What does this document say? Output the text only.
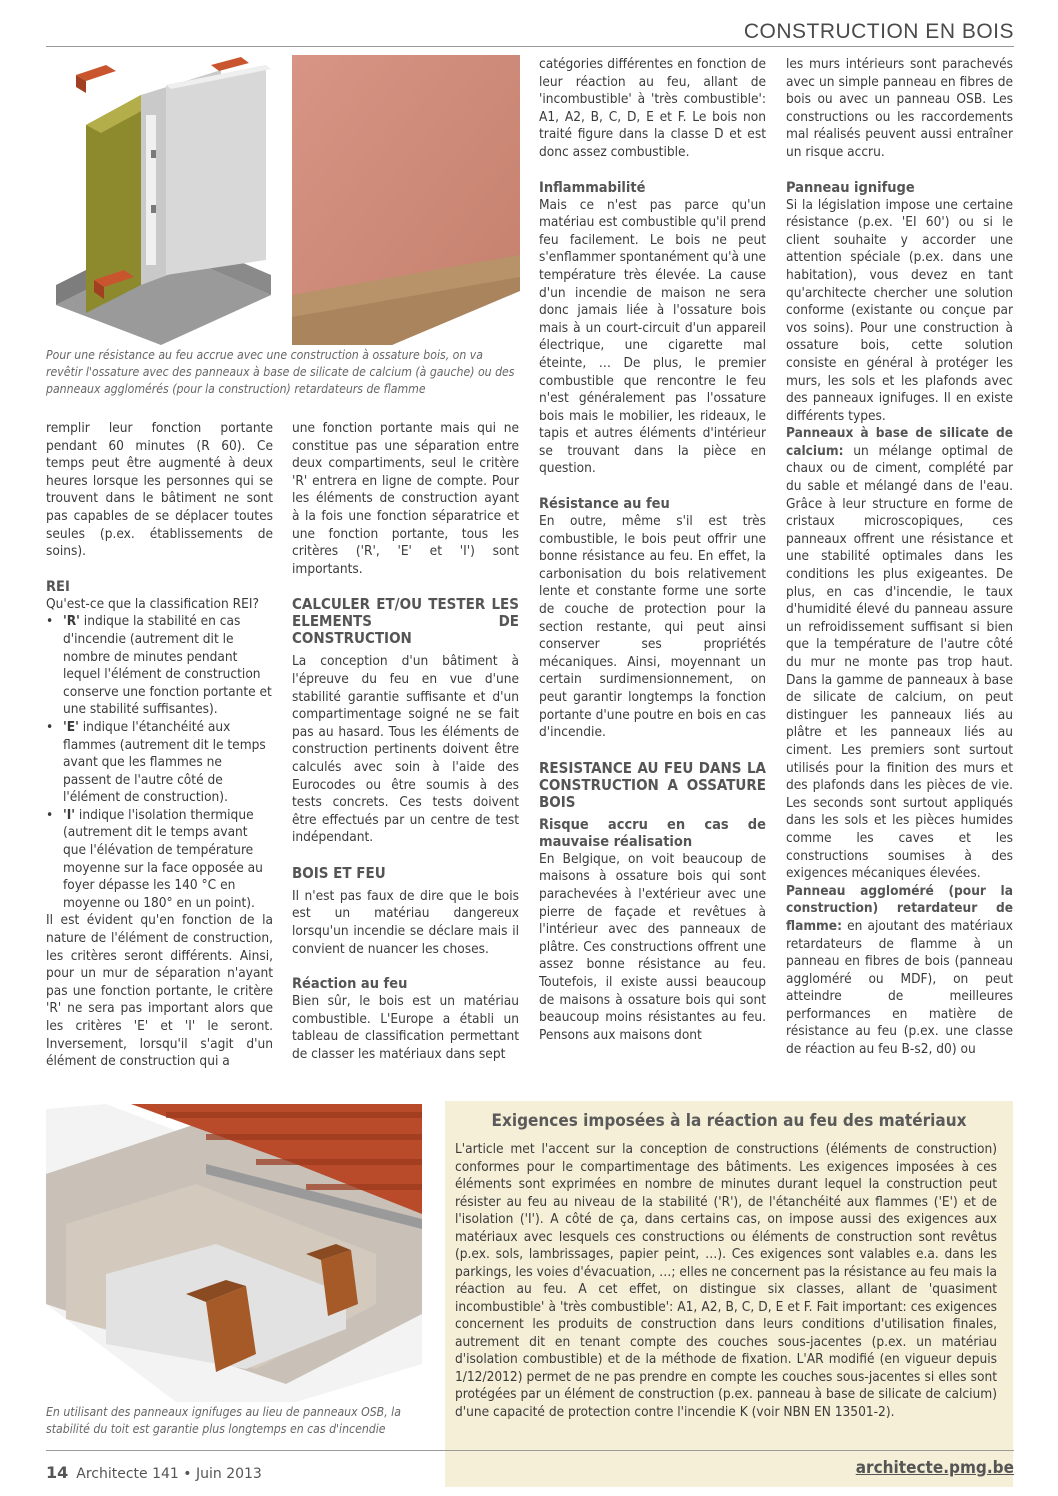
CONSTRUCTION EN BOIS
Pour une résistance au feu accrue avec une construction à ossature bois, on va revêtir l'ossature avec des panneaux à base de silicate de calcium (à gauche) ou des panneaux agglomérés (pour la construction) retardateurs de flamme

remplir leur fonction portante pendant 60 minutes (R 60). Ce temps peut être augmenté à deux heures lorsque les personnes qui se trouvent dans le bâtiment ne sont pas capables de se déplacer toutes seules (p.ex. établissements de soins).

REI

Qu'est-ce que la classification REI?

• 'R' indique la stabilité en cas d'incendie (autrement dit le nombre de minutes pendant lequel l'élément de construction conserve une fonction portante et une stabilité suffisantes).
• 'E' indique l'étanchéité aux flammes (autrement dit le temps avant que les flammes ne passent de l'autre côté de l'élément de construction).
• 'I' indique l'isolation thermique (autrement dit le temps avant que l'élévation de température moyenne sur la face opposée au foyer dépasse les 140 °C en moyenne ou 180° en un point).

Il est évident qu'en fonction de la nature de l'élément de construction, les critères seront différents. Ainsi, pour un mur de séparation n'ayant pas une fonction portante, le critère 'R' ne sera pas important alors que les critères 'E' et 'I' le seront. Inversement, lorsqu'il s'agit d'un élément de construction qui a

une fonction portante mais qui ne constitue pas une séparation entre deux compartiments, seul le critère 'R' entrera en ligne de compte. Pour les éléments de construction ayant à la fois une fonction séparatrice et une fonction portante, tous les critères ('R', 'E' et 'I') sont importants.

CALCULER ET/OU TESTER LES ELEMENTS DE CONSTRUCTION

La conception d'un bâtiment à l'épreuve du feu en vue d'une stabilité garantie suffisante et d'un compartimentage soigné ne se fait pas au hasard. Tous les éléments de construction pertinents doivent être calculés avec soin à l'aide des Eurocodes ou être soumis à des tests concrets. Ces tests doivent être effectués par un centre de test indépendant.

BOIS ET FEU

Il n'est pas faux de dire que le bois est un matériau dangereux lorsqu'un incendie se déclare mais il convient de nuancer les choses.

Réaction au feu

Bien sûr, le bois est un matériau combustible. L'Europe a établi un tableau de classification permettant de classer les matériaux dans sept

catégories différentes en fonction de leur réaction au feu, allant de 'incombustible' à 'très combustible': A1, A2, B, C, D, E et F. Le bois non traité figure dans la classe D et est donc assez combustible.

Inflammabilité

Mais ce n'est pas parce qu'un matériau est combustible qu'il prend feu facilement. Le bois ne peut s'enflammer spontanément qu'à une température très élevée. La cause d'un incendie de maison ne sera donc jamais liée à l'ossature bois mais à un court-circuit d'un appareil électrique, une cigarette mal éteinte, … De plus, le premier combustible que rencontre le feu n'est généralement pas l'ossature bois mais le mobilier, les rideaux, le tapis et autres éléments d'intérieur se trouvant dans la pièce en question.

Résistance au feu

En outre, même s'il est très combustible, le bois peut offrir une bonne résistance au feu. En effet, la carbonisation du bois relativement lente et constante forme une sorte de couche de protection pour la section restante, qui peut ainsi conserver ses propriétés mécaniques. Ainsi, moyennant un certain surdimensionnement, on peut garantir longtemps la fonction portante d'une poutre en bois en cas d'incendie.

RESISTANCE AU FEU DANS LA CONSTRUCTION A OSSATURE BOIS
Risque accru en cas de mauvaise réalisation

En Belgique, on voit beaucoup de maisons à ossature bois qui sont parachevées à l'extérieur avec une pierre de façade et revêtues à l'intérieur avec des panneaux de plâtre. Ces constructions offrent une assez bonne résistance au feu. Toutefois, il existe aussi beaucoup de maisons à ossature bois qui sont beaucoup moins résistantes au feu. Pensons aux maisons dont

les murs intérieurs sont parachevés avec un simple panneau en fibres de bois ou avec un panneau OSB. Les constructions ou les raccordements mal réalisés peuvent aussi entraîner un risque accru.

Panneau ignifuge

Si la législation impose une certaine résistance (p.ex. 'EI 60') ou si le client souhaite y accorder une attention spéciale (p.ex. dans une habitation), vous devez en tant qu'architecte chercher une solution conforme (existante ou conçue par vos soins). Pour une construction à ossature bois, cette solution consiste en général à protéger les murs, les sols et les plafonds avec des panneaux ignifuges. Il en existe différents types.

Panneaux à base de silicate de calcium: un mélange optimal de chaux ou de ciment, complété par du sable et mélangé dans de l'eau. Grâce à leur structure en forme de cristaux microscopiques, ces panneaux offrent une résistance et une stabilité optimales dans les conditions les plus exigeantes. De plus, en cas d'incendie, le taux d'humidité élevé du panneau assure un refroidissement suffisant si bien que la température de l'autre côté du mur ne monte pas trop haut. Dans la gamme de panneaux à base de silicate de calcium, on peut distinguer les panneaux liés au plâtre et les panneaux liés au ciment. Les premiers sont surtout utilisés pour la finition des murs et des plafonds dans les pièces de vie. Les seconds sont surtout appliqués dans les sols et les pièces humides comme les caves et les constructions soumises à des exigences mécaniques élevées.

Panneau aggloméré (pour la construction) retardateur de flamme: en ajoutant des matériaux retardateurs de flamme à un panneau en fibres de bois (panneau aggloméré ou MDF), on peut atteindre de meilleures performances en matière de résistance au feu (p.ex. une classe de réaction au feu B-s2, d0) ou

En utilisant des panneaux ignifuges au lieu de panneaux OSB, la stabilité du toit est garantie plus longtemps en cas d'incendie
Exigences imposées à la réaction au feu des matériaux

L'article met l'accent sur la conception de constructions (éléments de construction) conformes pour le compartimentage des bâtiments. Les exigences imposées à ces éléments sont exprimées en nombre de minutes durant lequel la construction peut résister au feu au niveau de la stabilité ('R'), de l'étanchéité aux flammes ('E') et de l'isolation ('I'). A côté de ça, dans certains cas, on impose aussi des exigences aux matériaux avec lesquels ces constructions ou éléments de construction sont revêtus (p.ex. sols, lambrissages, papier peint, …). Ces exigences sont valables e.a. dans les parkings, les voies d'évacuation, …; elles ne concernent pas la résistance au feu mais la réaction au feu. A cet effet, on distingue six classes, allant de 'quasiment incombustible' à 'très combustible': A1, A2, B, C, D, E et F. Fait important: ces exigences concernent les produits de construction dans leurs conditions d'utilisation finales, autrement dit en tenant compte des couches sous-jacentes (p.ex. un matériau d'isolation combustible) et de la méthode de fixation. L'AR modifié (en vigueur depuis 1/12/2012) permet de ne pas prendre en compte les couches sous-jacentes si elles sont protégées par un élément de construction (p.ex. panneau à base de silicate de calcium) d'une capacité de protection contre l'incendie K (voir NBN EN 13501-2).

14 Architecte 141 • Juin 2013	architecte.pmg.be
